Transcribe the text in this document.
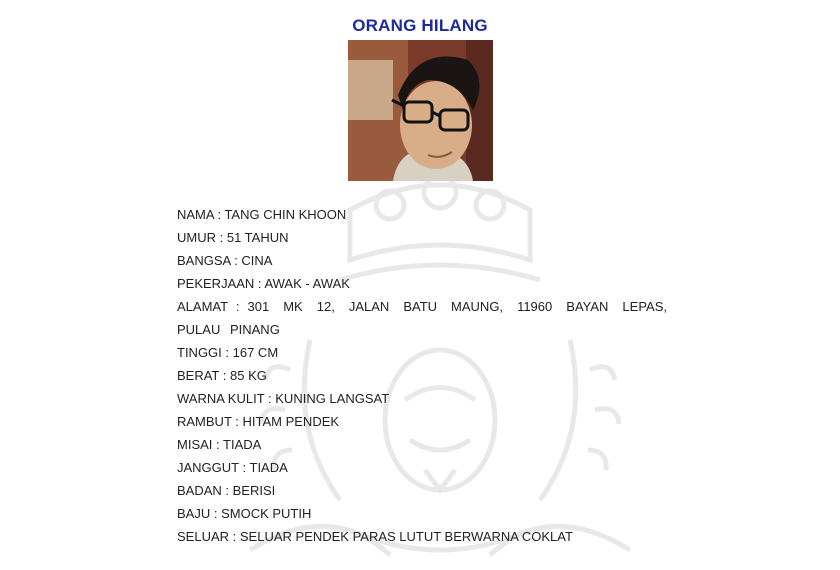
ORANG HILANG
NAMA : TANG CHIN KHOON
UMUR : 51 TAHUN
BANGSA : CINA
PEKERJAAN : AWAK - AWAK
ALAMAT : 301 MK 12, JALAN BATU MAUNG, 11960 BAYAN LEPAS, PULAU PINANG
TINGGI : 167 CM
BERAT : 85 KG
WARNA KULIT : KUNING LANGSAT
RAMBUT : HITAM PENDEK
MISAI : TIADA
JANGGUT : TIADA
BADAN : BERISI
BAJU : SMOCK PUTIH
SELUAR : SELUAR PENDEK PARAS LUTUT BERWARNA COKLAT
